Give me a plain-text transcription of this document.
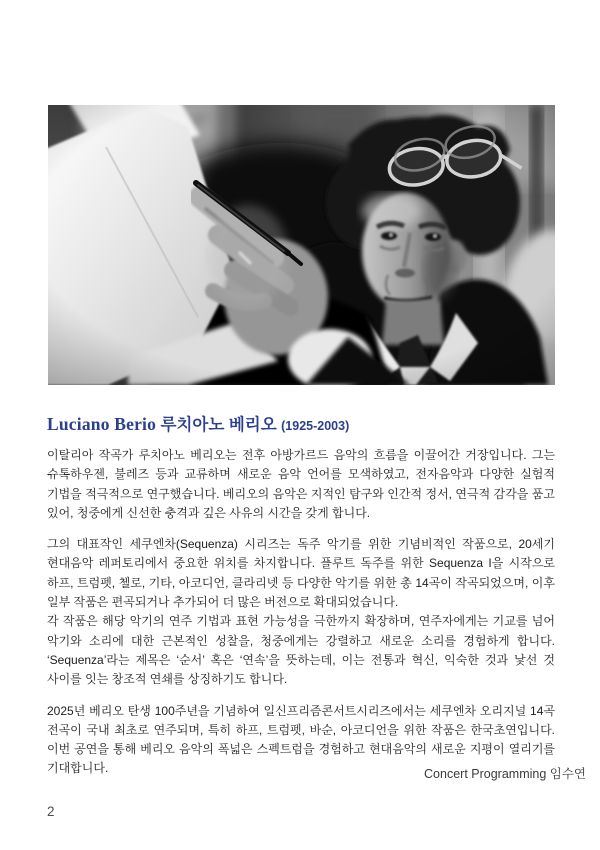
Luciano Berio 루치아노 베리오 (1925-2003)

이탈리아 작곡가 루치아노 베리오는 전후 아방가르드 음악의 흐름을 이끌어간 거장입니다. 그는 슈톡하우젠, 불레즈 등과 교류하며 새로운 음악 언어를 모색하였고, 전자음악과 다양한 실험적 기법을 적극적으로 연구했습니다. 베리오의 음악은 지적인 탐구와 인간적 정서, 연극적 감각을 품고 있어, 청중에게 신선한 충격과 깊은 사유의 시간을 갖게 합니다.

그의 대표작인 세쿠엔차(Sequenza) 시리즈는 독주 악기를 위한 기념비적인 작품으로, 20세기 현대음악 레퍼토리에서 중요한 위치를 차지합니다. 플루트 독주를 위한 Sequenza I을 시작으로 하프, 트럼펫, 첼로, 기타, 아코디언, 클라리넷 등 다양한 악기를 위한 총 14곡이 작곡되었으며, 이후 일부 작품은 편곡되거나 추가되어 더 많은 버전으로 확대되었습니다.

각 작품은 해당 악기의 연주 기법과 표현 가능성을 극한까지 확장하며, 연주자에게는 기교를 넘어 악기와 소리에 대한 근본적인 성찰을, 청중에게는 강렬하고 새로운 소리를 경험하게 합니다. ‘Sequenza’라는 제목은 ‘순서’ 혹은 ‘연속’을 뜻하는데, 이는 전통과 혁신, 익숙한 것과 낯선 것 사이를 잇는 창조적 연쇄를 상징하기도 합니다.

2025년 베리오 탄생 100주년을 기념하여 일신프리즘콘서트시리즈에서는 세쿠엔차 오리지널 14곡 전곡이 국내 최초로 연주되며, 특히 하프, 트럼펫, 바순, 아코디언을 위한 작품은 한국초연입니다. 이번 공연을 통해 베리오 음악의 폭넓은 스펙트럼을 경험하고 현대음악의 새로운 지평이 열리기를 기대합니다.	Concert Programming 임수연
2
